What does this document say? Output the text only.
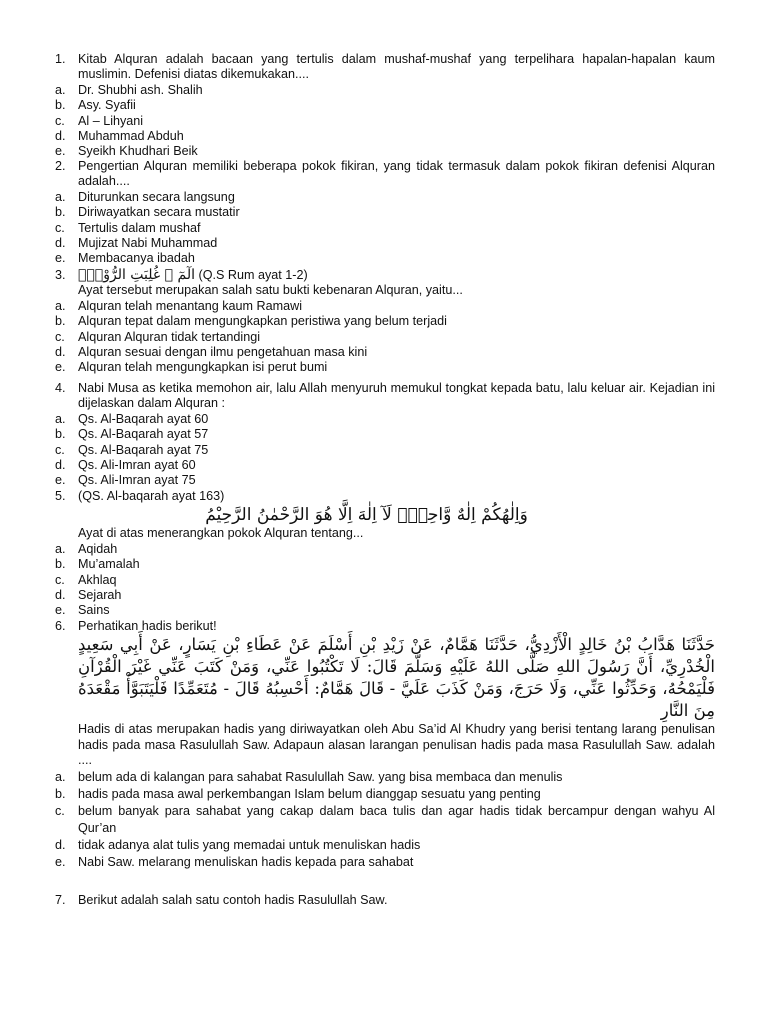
1. Kitab Alquran adalah bacaan yang tertulis dalam mushaf-mushaf yang terpelihara hapalan-hapalan kaum muslimin. Defenisi diatas dikemukakan....
a. Dr. Shubhi ash. Shalih
b. Asy. Syafii
c. Al – Lihyani
d. Muhammad Abduh
e. Syeikh Khudhari Beik
2. Pengertian Alquran memiliki beberapa pokok fikiran, yang tidak termasuk dalam pokok fikiran defenisi Alquran adalah....
a. Diturunkan secara langsung
b. Diriwayatkan secara mustatir
c. Tertulis dalam mushaf
d. Mujizat Nabi Muhammad
e. Membacanya ibadah
3. الٓمٓ ۚ غُلِبَتِ الرُّوْمُۙ (Q.S Rum ayat 1-2)
Ayat tersebut merupakan salah satu bukti kebenaran Alquran, yaitu...
a. Alquran telah menantang kaum Ramawi
b. Alquran tepat dalam mengungkapkan peristiwa yang belum terjadi
c. Alquran Alquran tidak tertandingi
d. Alquran sesuai dengan ilmu pengetahuan masa kini
e. Alquran telah mengungkapkan isi perut bumi
4. Nabi Musa as ketika memohon air, lalu Allah menyuruh memukul tongkat kepada batu, lalu keluar air. Kejadian ini dijelaskan dalam Alquran :
a. Qs. Al-Baqarah ayat 60
b. Qs. Al-Baqarah ayat 57
c. Qs. Al-Baqarah ayat 75
d. Qs. Ali-Imran ayat 60
e. Qs. Ali-Imran ayat 75
5. (QS. Al-baqarah ayat 163)
وَاِلٰهُكُمْ اِلٰهٌ وَّاحِدٌۚ لَآ اِلٰهَ اِلَّا هُوَ الرَّحْمٰنُ الرَّحِيْمُ
Ayat di atas menerangkan pokok Alquran tentang...
a. Aqidah
b. Mu’amalah
c. Akhlaq
d. Sejarah
e. Sains
6. Perhatikan hadis berikut!
حَدَّثَنَا هَدَّابُ بْنُ خَالِدٍ الْأَزْدِيُّ، حَدَّثَنَا هَمَّامٌ، عَنْ زَيْدِ بْنِ أَسْلَمَ عَنْ عَطَاءِ بْنِ يَسَارٍ، عَنْ أَبِي سَعِيدٍ الْخُدْرِيِّ، أَنَّ رَسُولَ اللهِ صَلَّى اللهُ عَلَيْهِ وَسَلَّمَ قَالَ: لَا تَكْتُبُوا عَنِّي، وَمَنْ كَتَبَ عَنِّي غَيْرَ الْقُرْآنِ فَلْيَمْحُهُ، وَحَدِّثُوا عَنِّي، وَلَا حَرَجَ، وَمَنْ كَذَبَ عَلَيَّ - قَالَ هَمَّامٌ: أَحْسِبُهُ قَالَ - مُتَعَمِّدًا فَلْيَتَبَوَّأْ مَقْعَدَهُ مِنَ النَّارِ
Hadis di atas merupakan hadis yang diriwayatkan oleh Abu Sa’id Al Khudry yang berisi tentang larang penulisan hadis pada masa Rasulullah Saw. Adapaun alasan larangan penulisan hadis pada masa Rasulullah Saw. adalah ....
a. belum ada di kalangan para sahabat Rasulullah Saw. yang bisa membaca dan menulis
b. hadis pada masa awal perkembangan Islam belum dianggap sesuatu yang penting
c. belum banyak para sahabat yang cakap dalam baca tulis dan agar hadis tidak bercampur dengan wahyu Al Qur’an
d. tidak adanya alat tulis yang memadai untuk menuliskan hadis
e. Nabi Saw. melarang menuliskan hadis kepada para sahabat
7. Berikut adalah salah satu contoh hadis Rasulullah Saw.
